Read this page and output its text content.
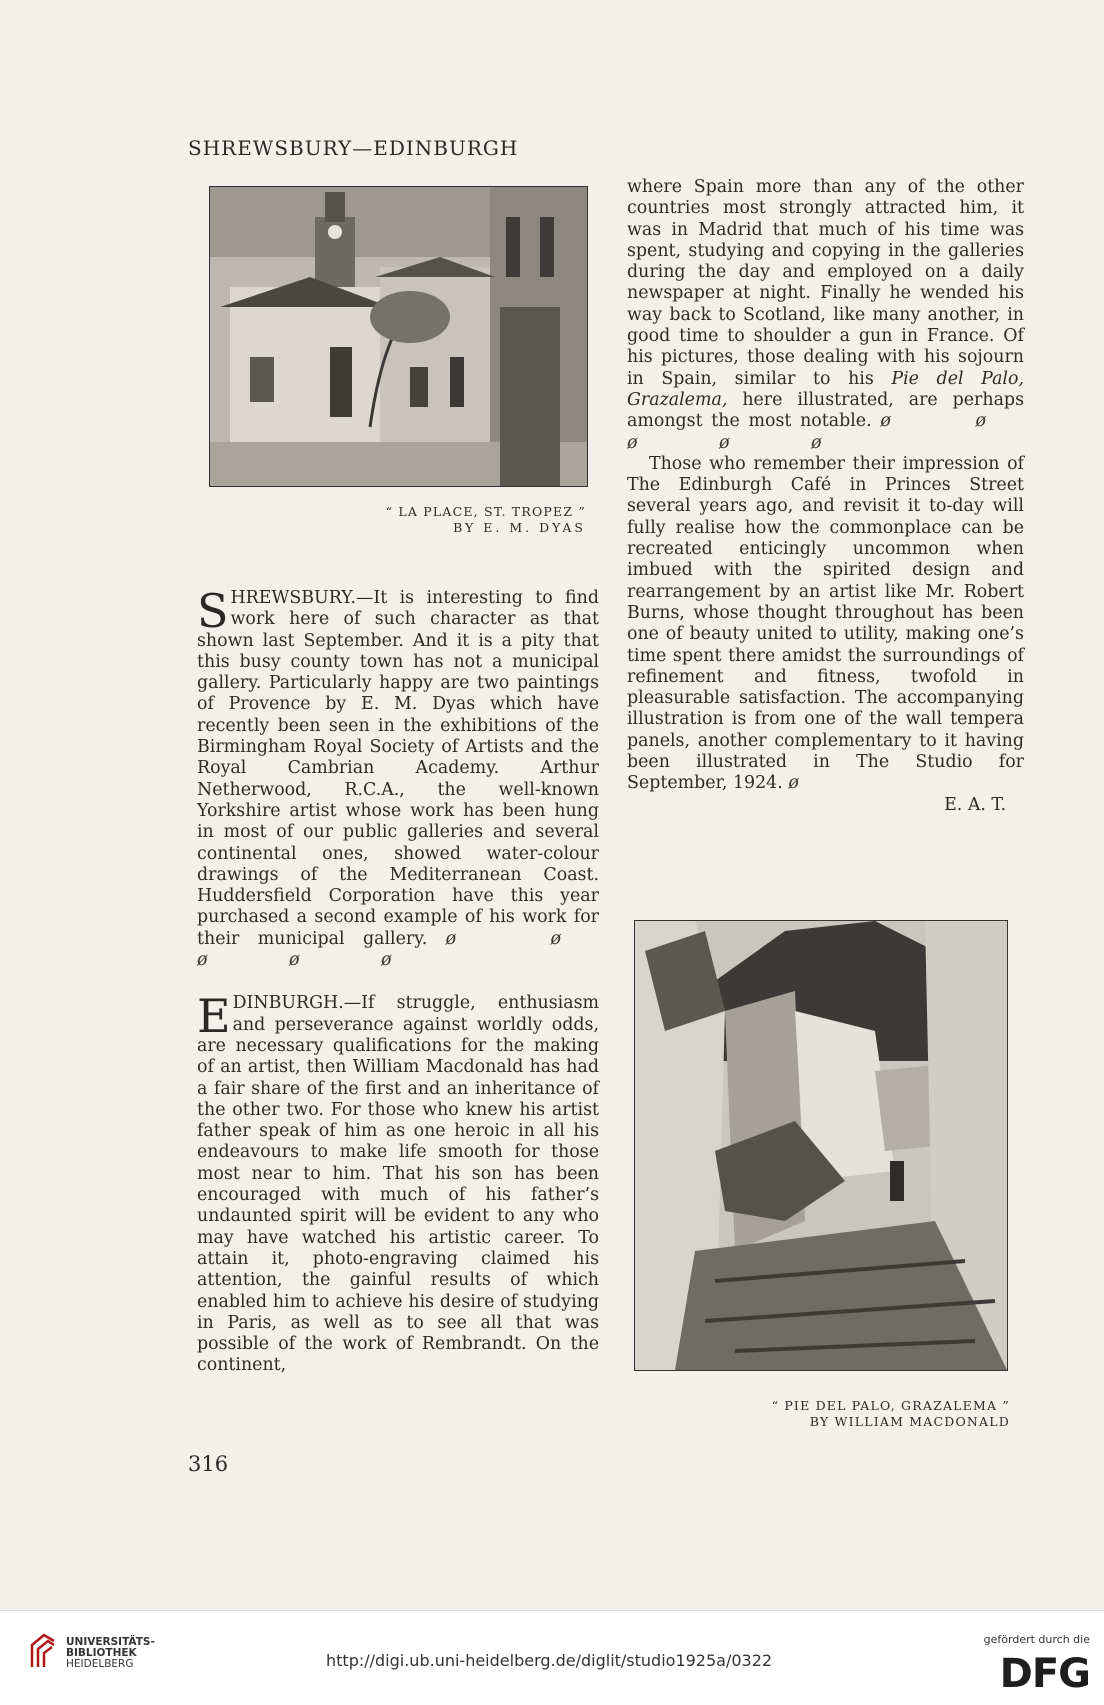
SHREWSBURY—EDINBURGH
“ LA PLACE, ST. TROPEZ ”
BY E. M. DYAS

SHREWSBURY.—It is interesting to find work here of such character as that shown last September. And it is a pity that this busy county town has not a municipal gallery. Particularly happy are two paintings of Provence by E. M. Dyas which have recently been seen in the exhibitions of the Birmingham Royal Society of Artists and the Royal Cambrian Academy. Arthur Netherwood, R.C.A., the well-known Yorkshire artist whose work has been hung in most of our public galleries and several continental ones, showed water-colour drawings of the Mediterranean Coast. Huddersfield Corporation have this year purchased a second example of his work for their municipal gallery. ø ø ø ø ø

EDINBURGH.—If struggle, enthusiasm and perseverance against worldly odds, are necessary qualifications for the making of an artist, then William Macdonald has had a fair share of the first and an inheritance of the other two. For those who knew his artist father speak of him as one heroic in all his endeavours to make life smooth for those most near to him. That his son has been encouraged with much of his father’s undaunted spirit will be evident to any who may have watched his artistic career. To attain it, photo-engraving claimed his attention, the gainful results of which enabled him to achieve his desire of studying in Paris, as well as to see all that was possible of the work of Rembrandt. On the continent,

where Spain more than any of the other countries most strongly attracted him, it was in Madrid that much of his time was spent, studying and copying in the galleries during the day and employed on a daily newspaper at night. Finally he wended his way back to Scotland, like many another, in good time to shoulder a gun in France. Of his pictures, those dealing with his sojourn in Spain, similar to his Pie del Palo, Grazalema, here illustrated, are perhaps amongst the most notable. ø ø ø ø ø

Those who remember their impression of The Edinburgh Café in Princes Street several years ago, and revisit it to-day will fully realise how the commonplace can be recreated enticingly uncommon when imbued with the spirited design and rearrangement by an artist like Mr. Robert Burns, whose thought throughout has been one of beauty united to utility, making one’s time spent there amidst the surroundings of refinement and fitness, twofold in pleasurable satisfaction. The accompanying illustration is from one of the wall tempera panels, another complementary to it having been illustrated in The Studio for September, 1924. ø

E. A. T.

“ PIE DEL PALO, GRAZALEMA ”
BY WILLIAM MACDONALD
316
UNIVERSITÄTS-
BIBLIOTHEK
HEIDELBERG	http://digi.ub.uni-heidelberg.de/diglit/studio1925a/0322
gefördert durch die
DFG
